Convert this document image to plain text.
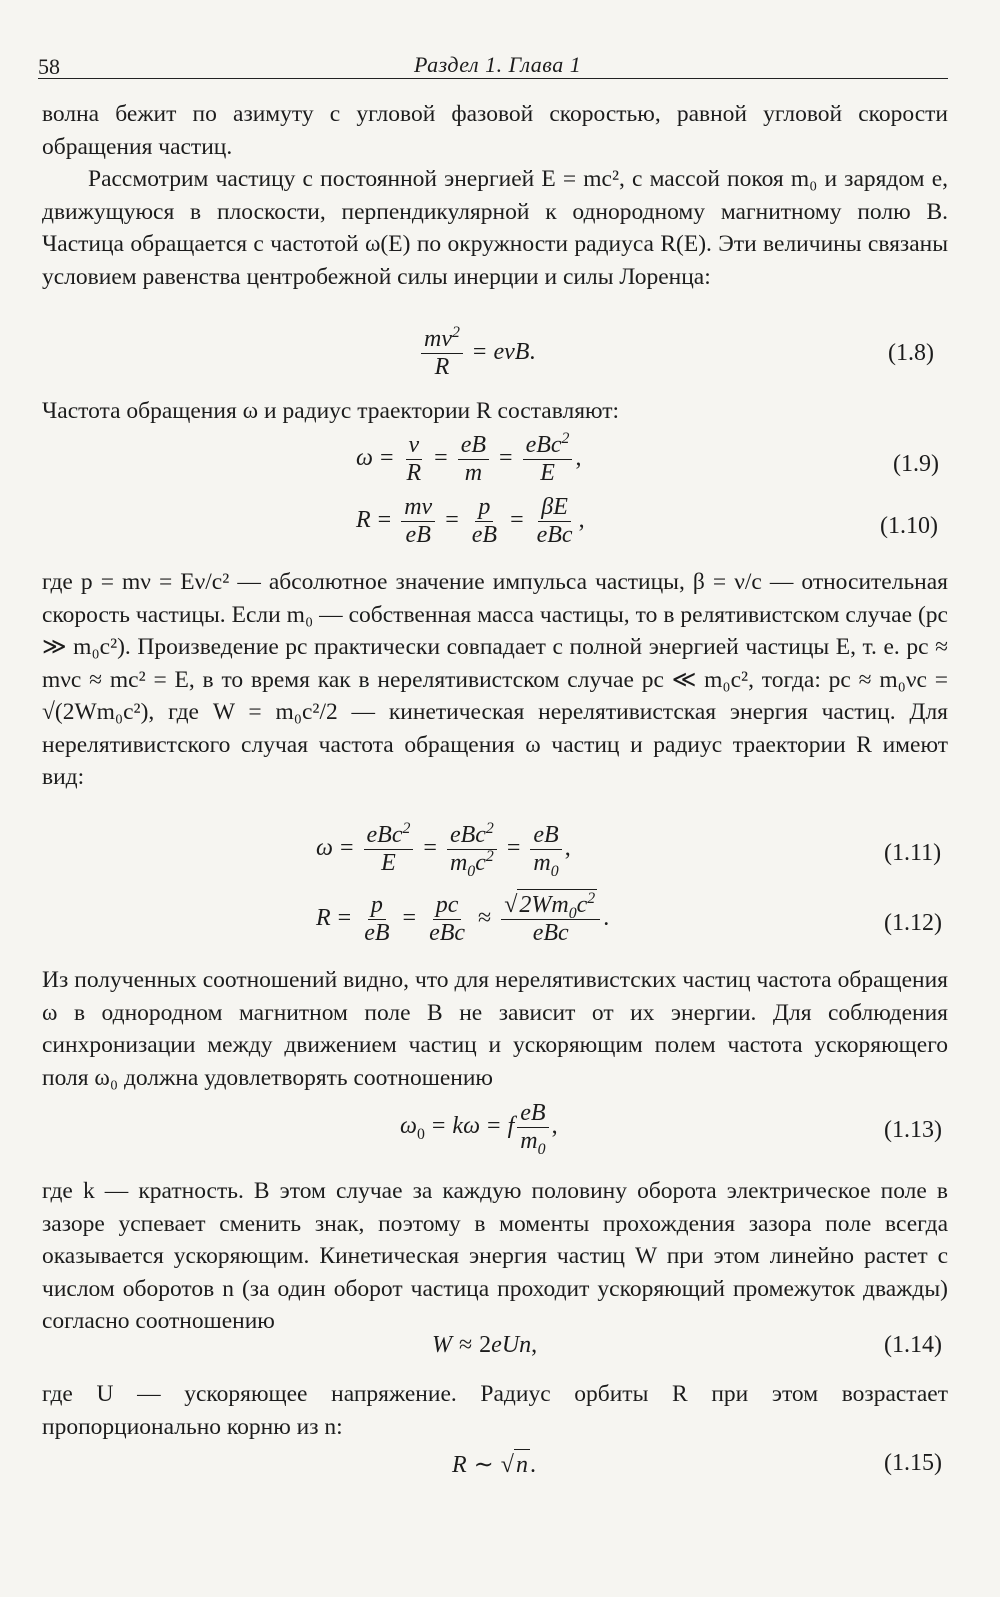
58	Раздел 1. Глава 1
волна бежит по азимуту с угловой фазовой скоростью, равной угловой скорости обращения частиц.
Рассмотрим частицу с постоянной энергией E = mc², с массой покоя m₀ и зарядом e, движущуюся в плоскости, перпендикулярной к однородному магнитному полю B. Частица обращается с частотой ω(E) по окружности радиуса R(E). Эти величины связаны условием равенства центробежной силы инерции и силы Лоренца:
$\frac{m\nu^2}{R} = e\nu B$.	(1.8)
Частота обращения ω и радиус траектории R составляют:
$\omega = \frac{\nu}{R} = \frac{eB}{m} = \frac{eBc^2}{E}$ ,	(1.9)
$R = \frac{m\nu}{eB} = \frac{p}{eB} = \frac{\beta E}{\text{eBc}}$ ,	(1.10)
где p = mν = Eν/c² — абсолютное значение импульса частицы, β = ν/c — относительная скорость частицы. Если m₀ — собственная масса частицы, то в релятивистском случае (pc ≫ m₀c²). Произведение pc практически совпадает с полной энергией частицы E, т. е. pc ≈ mνc ≈ mc² = E, в то время как в нерелятивистском случае pc ≪ m₀c², тогда: pc ≈ m₀νc = √(2Wm₀c²), где W = m₀c²/2 — кинетическая нерелятивистская энергия частиц. Для нерелятивистского случая частота обращения ω частиц и радиус траектории R имеют вид:
$\omega = \frac{eBc^2}{E} = \frac{eBc^2}{m_0c^2} = \frac{eB}{m_0}$ ,	(1.11)
$R = \frac{p}{eB} = \frac{pc}{\text{eBc}} \approx \frac{√2Wm_0c^2}{\text{eBc}}$ .	(1.12)
Из полученных соотношений видно, что для нерелятивистских частиц частота обращения ω в однородном магнитном поле B не зависит от их энергии. Для соблюдения синхронизации между движением частиц и ускоряющим полем частота ускоряющего поля ω₀ должна удовлетворять соотношению
$\omega_0 = k\omega = f \frac{eB}{m_0}$ ,	(1.13)
где k — кратность. В этом случае за каждую половину оборота электрическое поле в зазоре успевает сменить знак, поэтому в моменты прохождения зазора поле всегда оказывается ускоряющим. Кинетическая энергия частиц W при этом линейно растет с числом оборотов n (за один оборот частица проходит ускоряющий промежуток дважды) согласно соотношению
W ≈ 2eUn,	(1.14)
где U — ускоряющее напряжение. Радиус орбиты R при этом возрастает пропорционально корню из n:
R ∼ √n.	(1.15)
